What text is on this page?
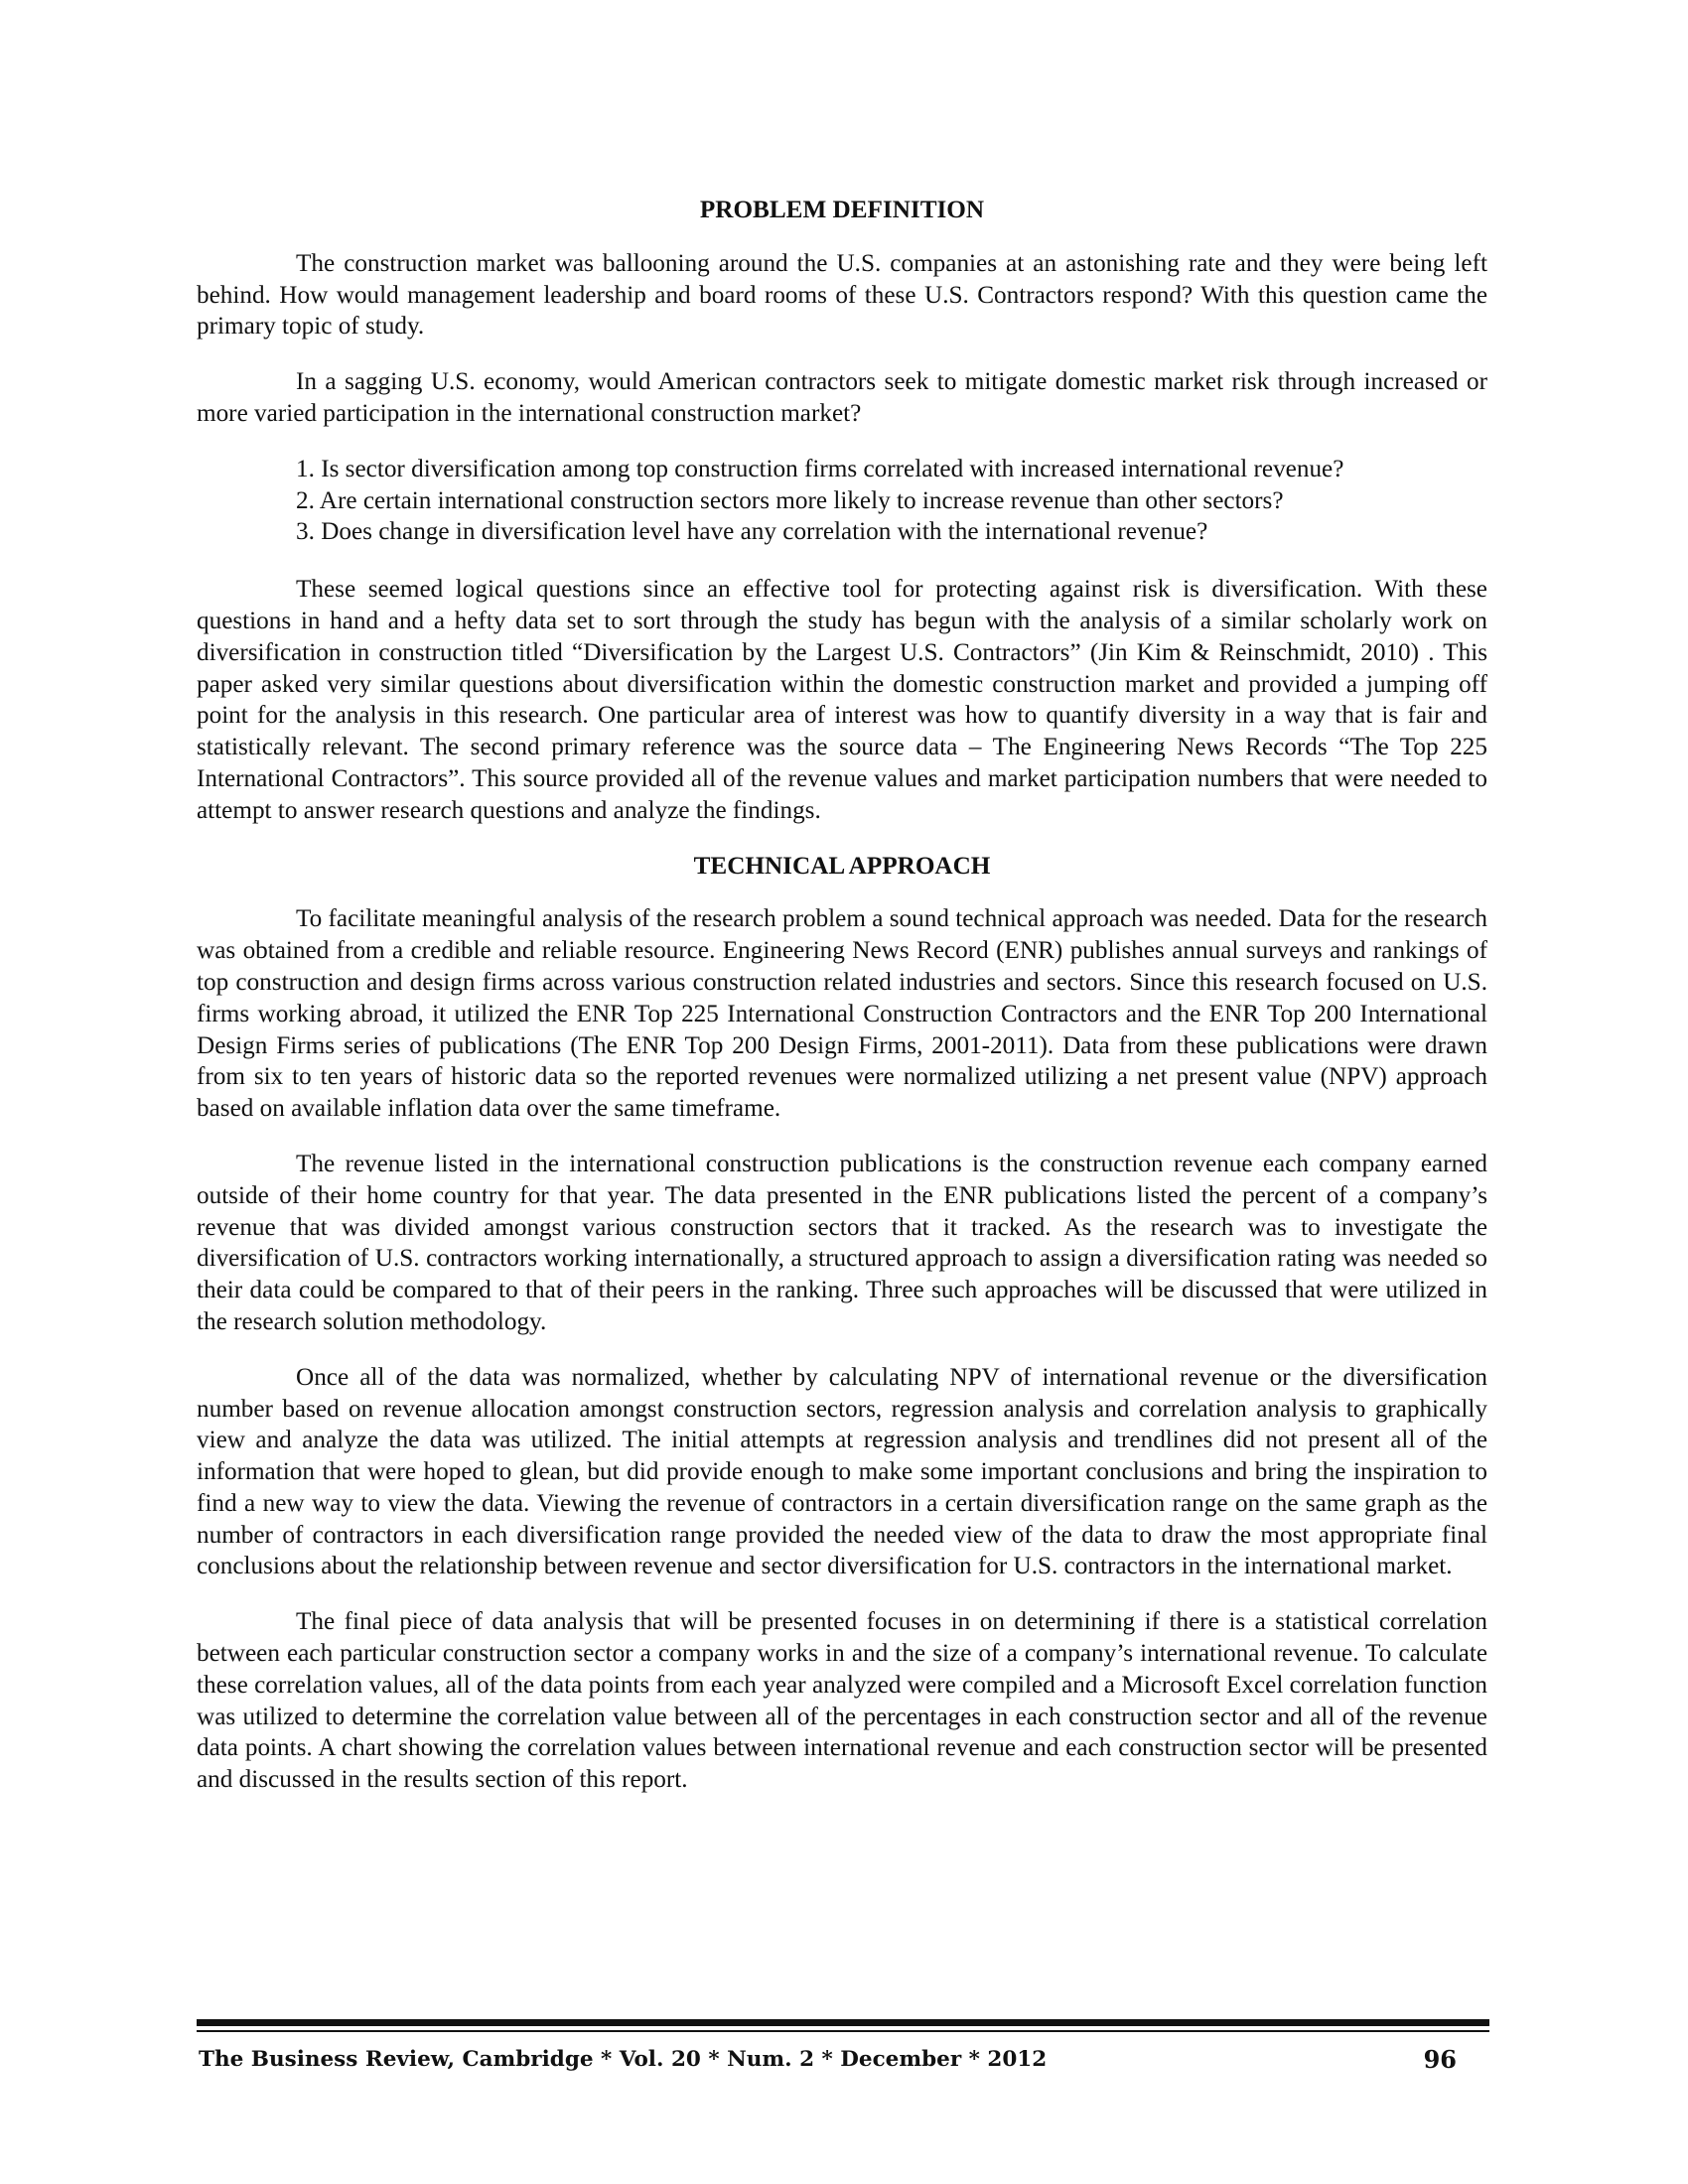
PROBLEM DEFINITION

The construction market was ballooning around the U.S. companies at an astonishing rate and they were being left behind. How would management leadership and board rooms of these U.S. Contractors respond? With this question came the primary topic of study.

In a sagging U.S. economy, would American contractors seek to mitigate domestic market risk through increased or more varied participation in the international construction market?

1. Is sector diversification among top construction firms correlated with increased international revenue?
2. Are certain international construction sectors more likely to increase revenue than other sectors?
3. Does change in diversification level have any correlation with the international revenue?

These seemed logical questions since an effective tool for protecting against risk is diversification. With these questions in hand and a hefty data set to sort through the study has begun with the analysis of a similar scholarly work on diversification in construction titled “Diversification by the Largest U.S. Contractors” (Jin Kim & Reinschmidt, 2010) . This paper asked very similar questions about diversification within the domestic construction market and provided a jumping off point for the analysis in this research. One particular area of interest was how to quantify diversity in a way that is fair and statistically relevant. The second primary reference was the source data – The Engineering News Records “The Top 225 International Contractors”. This source provided all of the revenue values and market participation numbers that were needed to attempt to answer research questions and analyze the findings.

TECHNICAL APPROACH

To facilitate meaningful analysis of the research problem a sound technical approach was needed. Data for the research was obtained from a credible and reliable resource. Engineering News Record (ENR) publishes annual surveys and rankings of top construction and design firms across various construction related industries and sectors. Since this research focused on U.S. firms working abroad, it utilized the ENR Top 225 International Construction Contractors and the ENR Top 200 International Design Firms series of publications (The ENR Top 200 Design Firms, 2001-2011). Data from these publications were drawn from six to ten years of historic data so the reported revenues were normalized utilizing a net present value (NPV) approach based on available inflation data over the same timeframe.

The revenue listed in the international construction publications is the construction revenue each company earned outside of their home country for that year. The data presented in the ENR publications listed the percent of a company’s revenue that was divided amongst various construction sectors that it tracked. As the research was to investigate the diversification of U.S. contractors working internationally, a structured approach to assign a diversification rating was needed so their data could be compared to that of their peers in the ranking. Three such approaches will be discussed that were utilized in the research solution methodology.

Once all of the data was normalized, whether by calculating NPV of international revenue or the diversification number based on revenue allocation amongst construction sectors, regression analysis and correlation analysis to graphically view and analyze the data was utilized. The initial attempts at regression analysis and trendlines did not present all of the information that were hoped to glean, but did provide enough to make some important conclusions and bring the inspiration to find a new way to view the data. Viewing the revenue of contractors in a certain diversification range on the same graph as the number of contractors in each diversification range provided the needed view of the data to draw the most appropriate final conclusions about the relationship between revenue and sector diversification for U.S. contractors in the international market.

The final piece of data analysis that will be presented focuses in on determining if there is a statistical correlation between each particular construction sector a company works in and the size of a company’s international revenue. To calculate these correlation values, all of the data points from each year analyzed were compiled and a Microsoft Excel correlation function was utilized to determine the correlation value between all of the percentages in each construction sector and all of the revenue data points. A chart showing the correlation values between international revenue and each construction sector will be presented and discussed in the results section of this report.

The Business Review, Cambridge * Vol. 20 * Num. 2 * December * 2012	96
